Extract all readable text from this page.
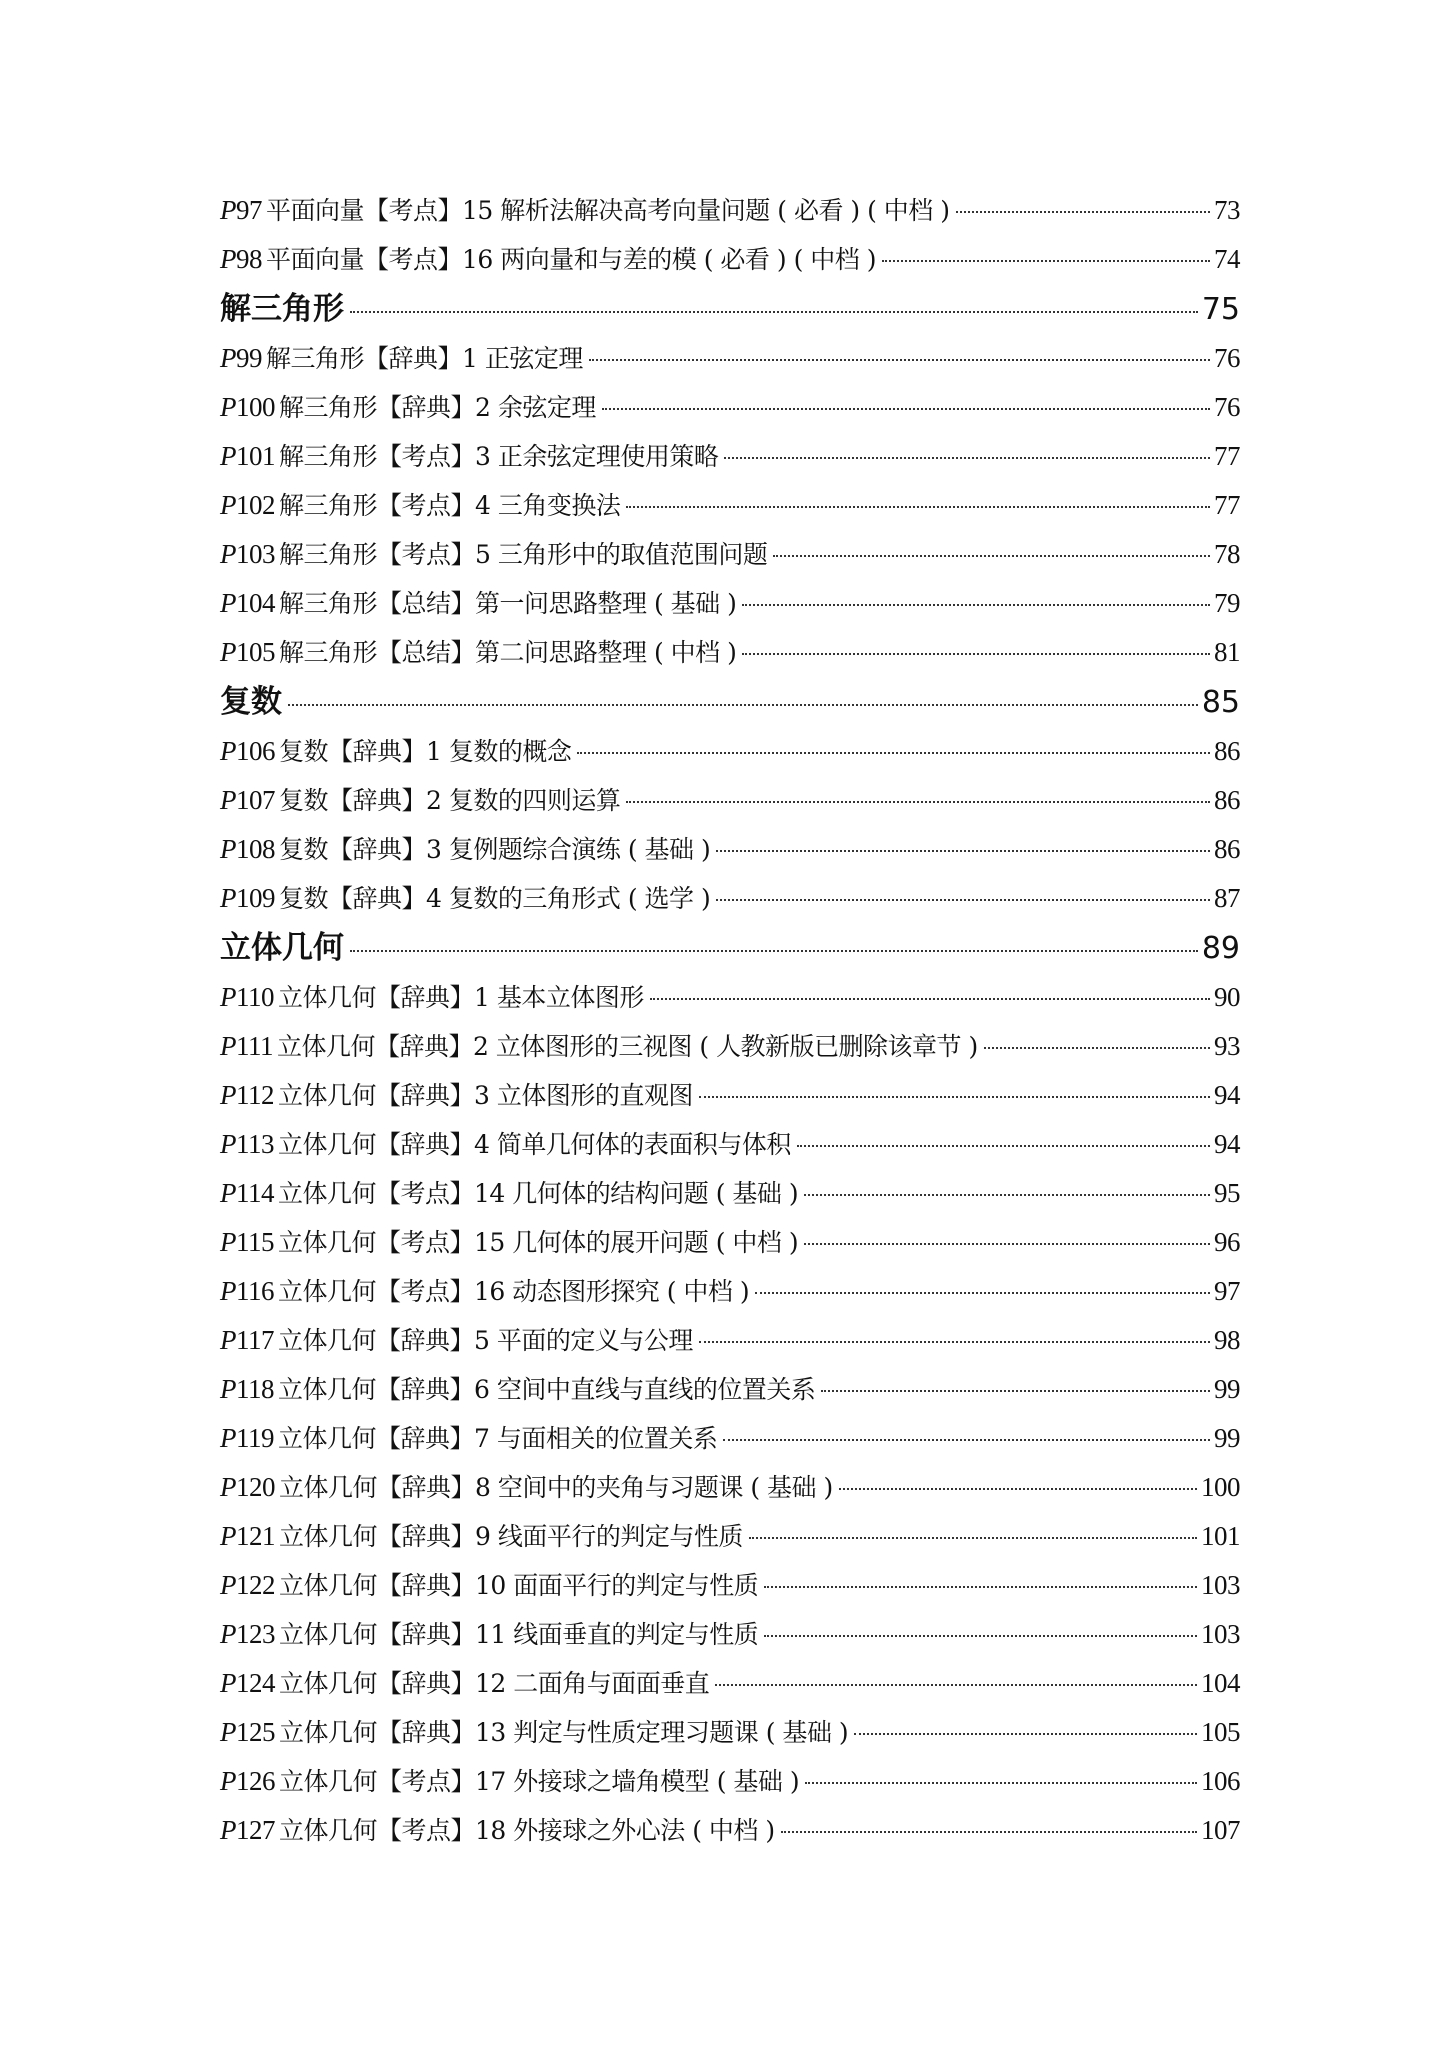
P97 平面向量【考点】15 解析法解决高考向量问题 ( 必看 ) ( 中档 )	73
P98 平面向量【考点】16 两向量和与差的模 ( 必看 ) ( 中档 )	74
解三角形	75
P99 解三角形【辞典】1 正弦定理	76
P100 解三角形【辞典】2 余弦定理	76
P101 解三角形【考点】3 正余弦定理使用策略	77
P102 解三角形【考点】4 三角变换法	77
P103 解三角形【考点】5 三角形中的取值范围问题	78
P104 解三角形【总结】第一问思路整理 ( 基础 )	79
P105 解三角形【总结】第二问思路整理 ( 中档 )	81
复数	85
P106 复数【辞典】1 复数的概念	86
P107 复数【辞典】2 复数的四则运算	86
P108 复数【辞典】3 复例题综合演练 ( 基础 )	86
P109 复数【辞典】4 复数的三角形式 ( 选学 )	87
立体几何	89
P110 立体几何【辞典】1 基本立体图形	90
P111 立体几何【辞典】2 立体图形的三视图 ( 人教新版已删除该章节 )	93
P112 立体几何【辞典】3 立体图形的直观图	94
P113 立体几何【辞典】4 简单几何体的表面积与体积	94
P114 立体几何【考点】14 几何体的结构问题 ( 基础 )	95
P115 立体几何【考点】15 几何体的展开问题 ( 中档 )	96
P116 立体几何【考点】16 动态图形探究 ( 中档 )	97
P117 立体几何【辞典】5 平面的定义与公理	98
P118 立体几何【辞典】6 空间中直线与直线的位置关系	99
P119 立体几何【辞典】7 与面相关的位置关系	99
P120 立体几何【辞典】8 空间中的夹角与习题课 ( 基础 )	100
P121 立体几何【辞典】9 线面平行的判定与性质	101
P122 立体几何【辞典】10 面面平行的判定与性质	103
P123 立体几何【辞典】11 线面垂直的判定与性质	103
P124 立体几何【辞典】12 二面角与面面垂直	104
P125 立体几何【辞典】13 判定与性质定理习题课 ( 基础 )	105
P126 立体几何【考点】17 外接球之墙角模型 ( 基础 )	106
P127 立体几何【考点】18 外接球之外心法 ( 中档 )	107
